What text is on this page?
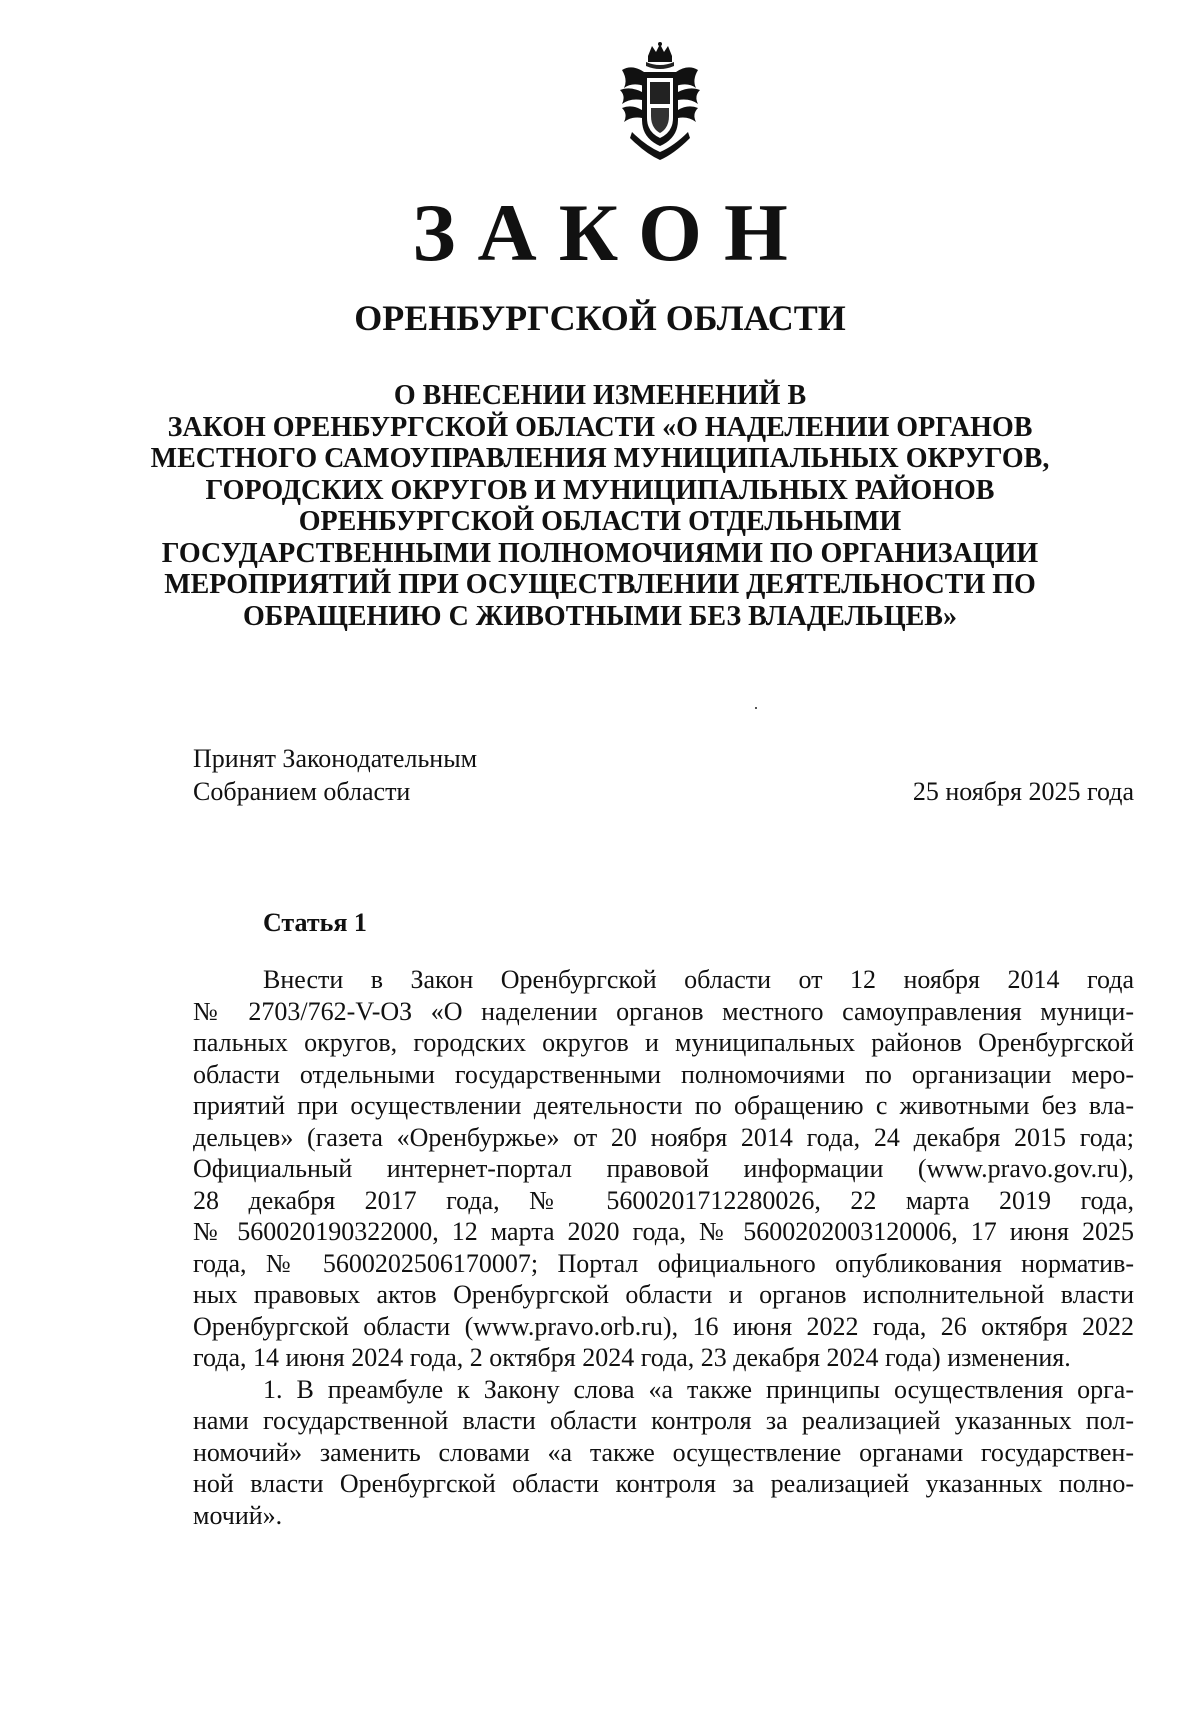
ЗАКОН
ОРЕНБУРГСКОЙ ОБЛАСТИ
О ВНЕСЕНИИ ИЗМЕНЕНИЙ В
ЗАКОН ОРЕНБУРГСКОЙ ОБЛАСТИ «О НАДЕЛЕНИИ ОРГАНОВ
МЕСТНОГО САМОУПРАВЛЕНИЯ МУНИЦИПАЛЬНЫХ ОКРУГОВ,
ГОРОДСКИХ ОКРУГОВ И МУНИЦИПАЛЬНЫХ РАЙОНОВ
ОРЕНБУРГСКОЙ ОБЛАСТИ ОТДЕЛЬНЫМИ
ГОСУДАРСТВЕННЫМИ ПОЛНОМОЧИЯМИ ПО ОРГАНИЗАЦИИ
МЕРОПРИЯТИЙ ПРИ ОСУЩЕСТВЛЕНИИ ДЕЯТЕЛЬНОСТИ ПО
ОБРАЩЕНИЮ С ЖИВОТНЫМИ БЕЗ ВЛАДЕЛЬЦЕВ»
Принят Законодательным
Собранием области	25 ноября 2025 года
Статья 1
Внести в Закон Оренбургской области от 12 ноября 2014 года
№ 2703/762-V-ОЗ «О наделении органов местного самоуправления муници-
пальных округов, городских округов и муниципальных районов Оренбургской
области отдельными государственными полномочиями по организации меро-
приятий при осуществлении деятельности по обращению с животными без вла-
дельцев» (газета «Оренбуржье» от 20 ноября 2014 года, 24 декабря 2015 года;
Официальный интернет-портал правовой информации (www.pravo.gov.ru),
28 декабря 2017 года, № 5600201712280026, 22 марта 2019 года,
№ 560020190322000, 12 марта 2020 года, № 5600202003120006, 17 июня 2025
года, № 5600202506170007; Портал официального опубликования норматив-
ных правовых актов Оренбургской области и органов исполнительной власти
Оренбургской области (www.pravo.orb.ru), 16 июня 2022 года, 26 октября 2022
года, 14 июня 2024 года, 2 октября 2024 года, 23 декабря 2024 года) изменения.
1. В преамбуле к Закону слова «а также принципы осуществления орга-
нами государственной власти области контроля за реализацией указанных пол-
номочий» заменить словами «а также осуществление органами государствен-
ной власти Оренбургской области контроля за реализацией указанных полно-
мочий».
